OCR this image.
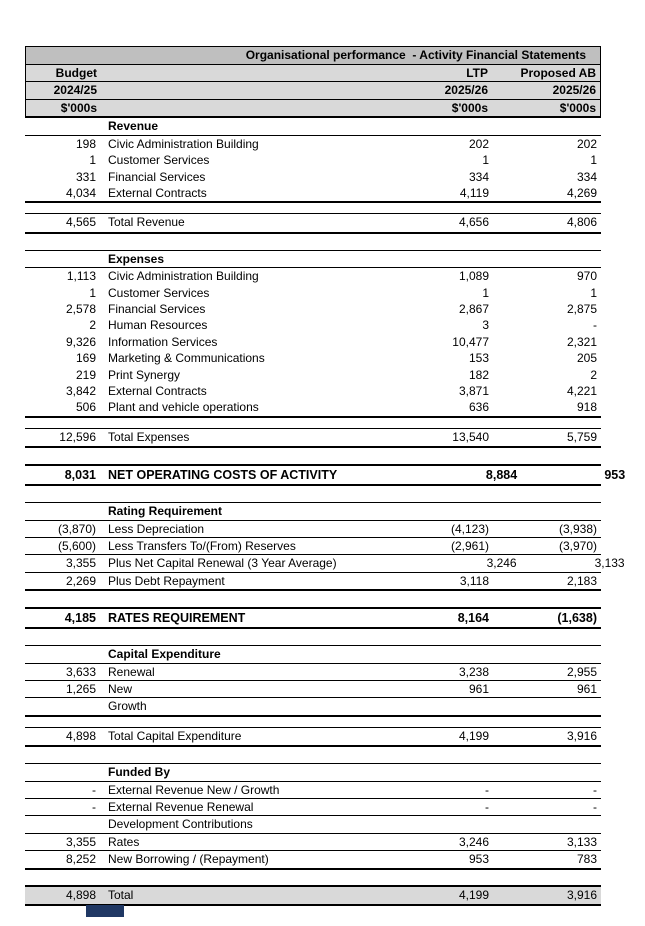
Organisational performance  - Activity Financial Statements
Budget	LTP	Proposed AB
2024/25	2025/26	2025/26
$'000s	$'000s	$'000s
Revenue
198	Civic Administration Building	202	202
1	Customer Services	1	1
331	Financial Services	334	334
4,034	External Contracts	4,119	4,269
4,565	Total Revenue	4,656	4,806
Expenses
1,113	Civic Administration Building	1,089	970
1	Customer Services	1	1
2,578	Financial Services	2,867	2,875
2	Human Resources	3	-
9,326	Information Services	10,477	2,321
169	Marketing & Communications	153	205
219	Print Synergy	182	2
3,842	External Contracts	3,871	4,221
506	Plant and vehicle operations	636	918
12,596	Total Expenses	13,540	5,759
8,031 NET OPERATING COSTS OF ACTIVITY	8,884	953
Rating Requirement
(3,870)	Less Depreciation	(4,123)	(3,938)
(5,600)	Less Transfers To/(From) Reserves	(2,961)	(3,970)
3,355	Plus Net Capital Renewal (3 Year Average)	3,246	3,133
2,269	Plus Debt Repayment	3,118	2,183
4,185 RATES REQUIREMENT	8,164	(1,638)
Capital Expenditure
3,633	Renewal	3,238	2,955
1,265	New	961	961
Growth
4,898	Total Capital Expenditure	4,199	3,916
Funded By
-	External Revenue New / Growth	-	-
-	External Revenue Renewal	-	-
Development Contributions
3,355	Rates	3,246	3,133
8,252	New Borrowing / (Repayment)	953	783
4,898	Total	4,199	3,916
